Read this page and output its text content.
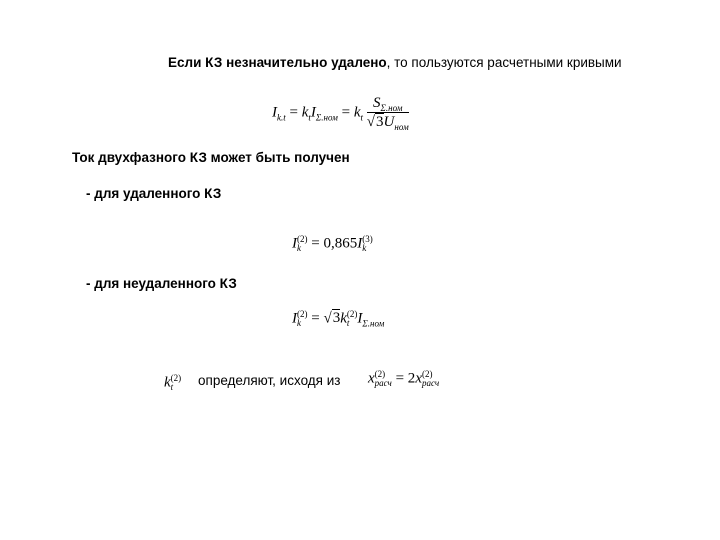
Если КЗ незначительно удалено, то пользуются расчетными кривыми
$I_{k.t} = k_tI_{\Sigma.ном} = k_t \frac{S_{\Sigma.ном}}{√3U_{ном}}$
Ток двухфазного КЗ может быть получен
- для удаленного КЗ
I (2)
k = 0,865I (3)
k
- для неудаленного КЗ
I (2)
k = √3k (2)
t $I_{\Sigma.ном}$
k (2)
t	определяют, исходя из x (2)
расч = 2x (2)
расч
